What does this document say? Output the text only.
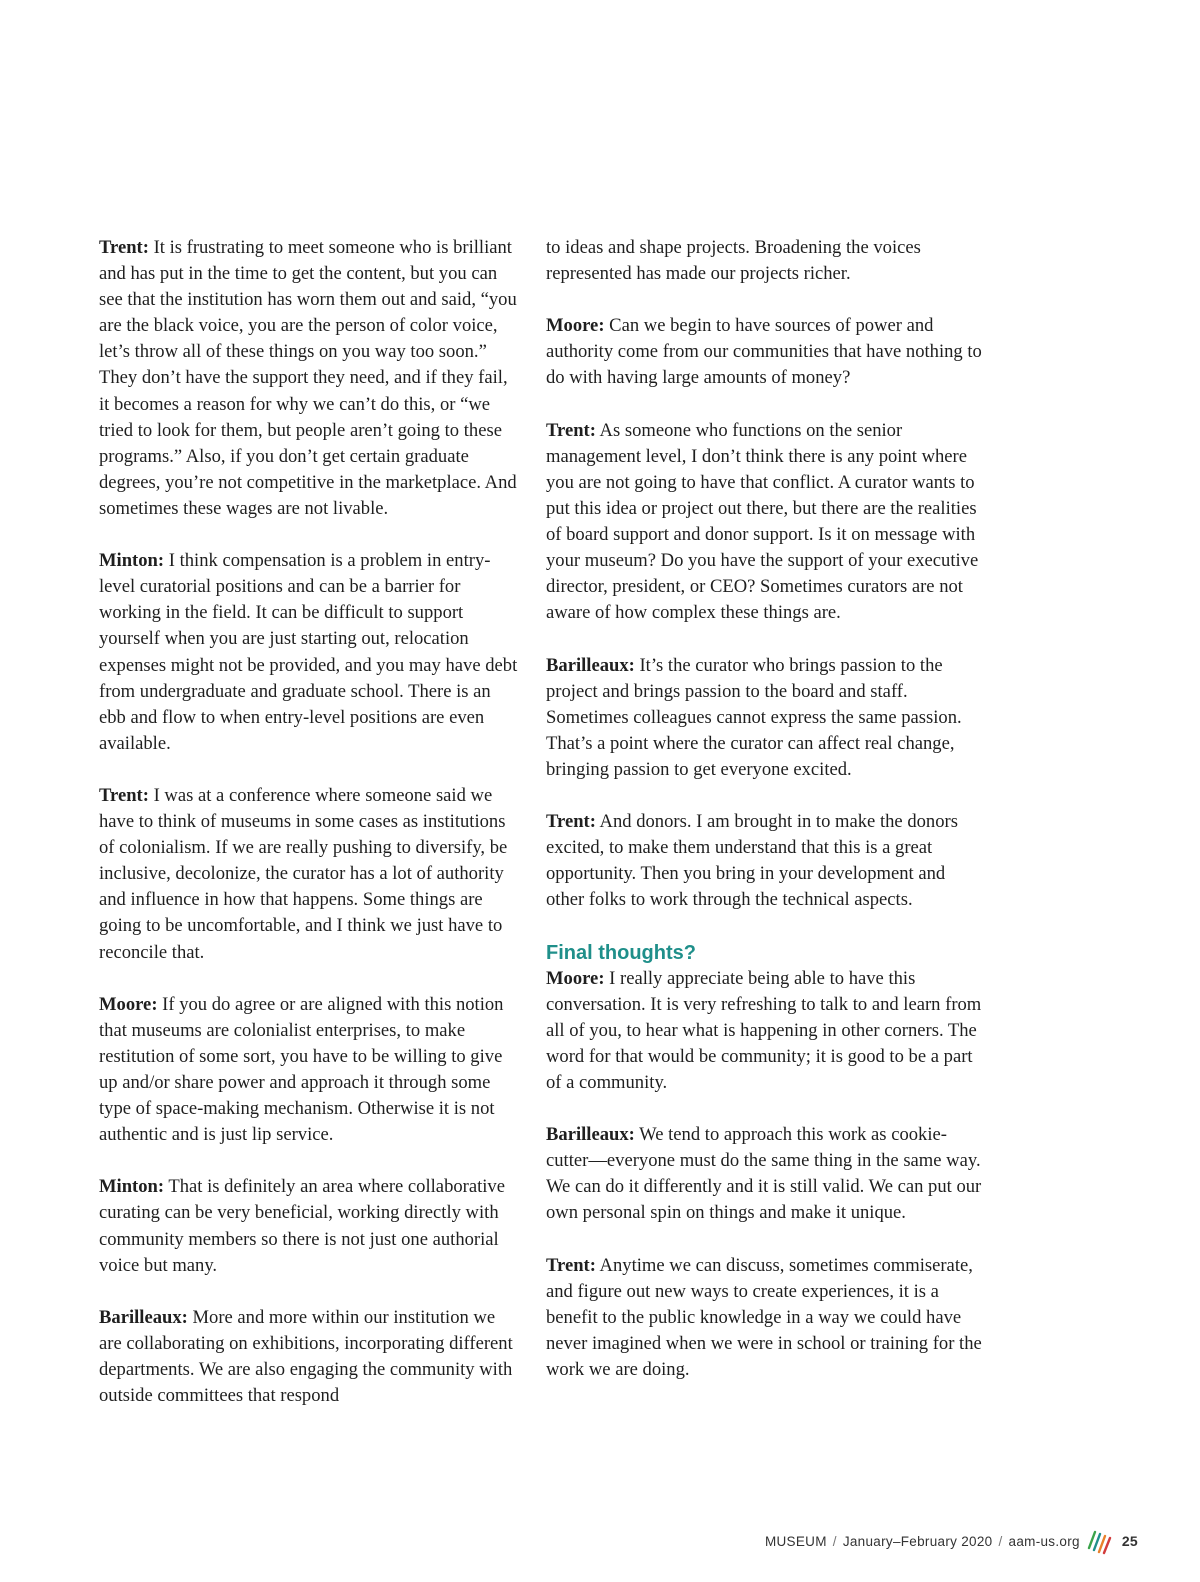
Trent: It is frustrating to meet someone who is brilliant and has put in the time to get the content, but you can see that the institution has worn them out and said, “you are the black voice, you are the person of color voice, let’s throw all of these things on you way too soon.” They don’t have the support they need, and if they fail, it becomes a reason for why we can’t do this, or “we tried to look for them, but people aren’t going to these programs.” Also, if you don’t get certain graduate degrees, you’re not competitive in the marketplace. And sometimes these wages are not livable.

Minton: I think compensation is a problem in entry-level curatorial positions and can be a barrier for working in the field. It can be difficult to support yourself when you are just starting out, relocation expenses might not be provided, and you may have debt from undergraduate and graduate school. There is an ebb and flow to when entry-level positions are even available.

Trent: I was at a conference where someone said we have to think of museums in some cases as institutions of colonialism. If we are really pushing to diversify, be inclusive, decolonize, the curator has a lot of authority and influence in how that happens. Some things are going to be uncomfortable, and I think we just have to reconcile that.

Moore: If you do agree or are aligned with this notion that museums are colonialist enterprises, to make restitution of some sort, you have to be willing to give up and/or share power and approach it through some type of space-making mechanism. Otherwise it is not authentic and is just lip service.

Minton: That is definitely an area where collaborative curating can be very beneficial, working directly with community members so there is not just one authorial voice but many.

Barilleaux: More and more within our institution we are collaborating on exhibitions, incorporating different departments. We are also engaging the community with outside committees that respond

to ideas and shape projects. Broadening the voices represented has made our projects richer.

Moore: Can we begin to have sources of power and authority come from our communities that have nothing to do with having large amounts of money?

Trent: As someone who functions on the senior management level, I don’t think there is any point where you are not going to have that conflict. A curator wants to put this idea or project out there, but there are the realities of board support and donor support. Is it on message with your museum? Do you have the support of your executive director, president, or CEO? Sometimes curators are not aware of how complex these things are.

Barilleaux: It’s the curator who brings passion to the project and brings passion to the board and staff. Sometimes colleagues cannot express the same passion. That’s a point where the curator can affect real change, bringing passion to get everyone excited.

Trent: And donors. I am brought in to make the donors excited, to make them understand that this is a great opportunity. Then you bring in your development and other folks to work through the technical aspects.

Final thoughts?

Moore: I really appreciate being able to have this conversation. It is very refreshing to talk to and learn from all of you, to hear what is happening in other corners. The word for that would be community; it is good to be a part of a community.

Barilleaux: We tend to approach this work as cookie-cutter—everyone must do the same thing in the same way. We can do it differently and it is still valid. We can put our own personal spin on things and make it unique.

Trent: Anytime we can discuss, sometimes commiserate, and figure out new ways to create experiences, it is a benefit to the public knowledge in a way we could have never imagined when we were in school or training for the work we are doing.

MUSEUM / January–February 2020 / aam-us.org	25
